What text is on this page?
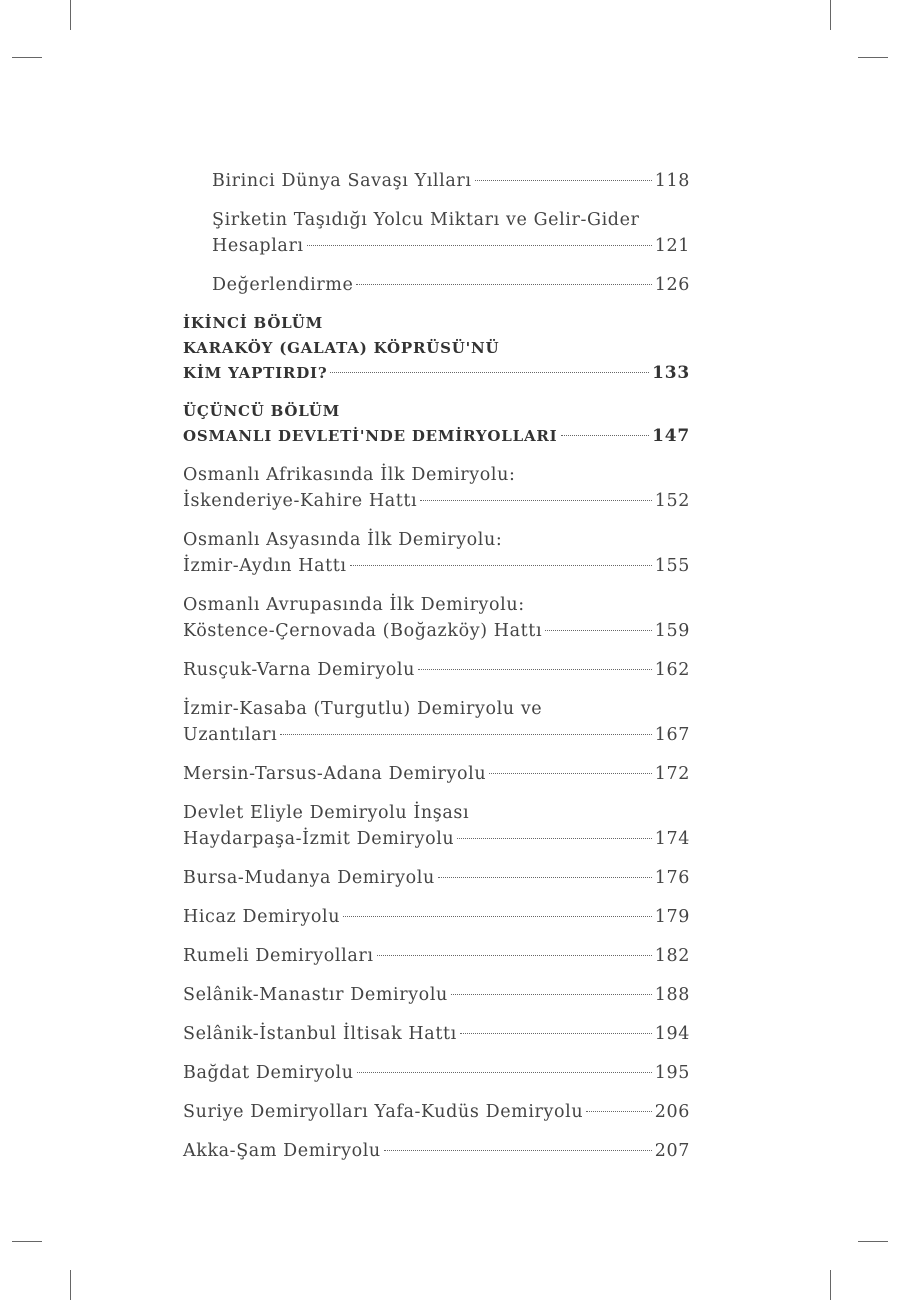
Birinci Dünya Savaşı Yılları	118
Şirketin Taşıdığı Yolcu Miktarı ve Gelir-Gider
Hesapları	121
Değerlendirme	126
İKİNCİ BÖLÜM
KARAKÖY (GALATA) KÖPRÜSÜ'NÜ
KİM YAPTIRDI?	133
ÜÇÜNCÜ BÖLÜM
OSMANLI DEVLETİ'NDE DEMİRYOLLARI	147
Osmanlı Afrikasında İlk Demiryolu:
İskenderiye-Kahire Hattı	152
Osmanlı Asyasında İlk Demiryolu:
İzmir-Aydın Hattı	155
Osmanlı Avrupasında İlk Demiryolu:
Köstence-Çernovada (Boğazköy) Hattı	159
Rusçuk-Varna Demiryolu	162
İzmir-Kasaba (Turgutlu) Demiryolu ve
Uzantıları	167
Mersin-Tarsus-Adana Demiryolu	172
Devlet Eliyle Demiryolu İnşası
Haydarpaşa-İzmit Demiryolu	174
Bursa-Mudanya Demiryolu	176
Hicaz Demiryolu	179
Rumeli Demiryolları	182
Selânik-Manastır Demiryolu	188
Selânik-İstanbul İltisak Hattı	194
Bağdat Demiryolu	195
Suriye Demiryolları Yafa-Kudüs Demiryolu	206
Akka-Şam Demiryolu	207
